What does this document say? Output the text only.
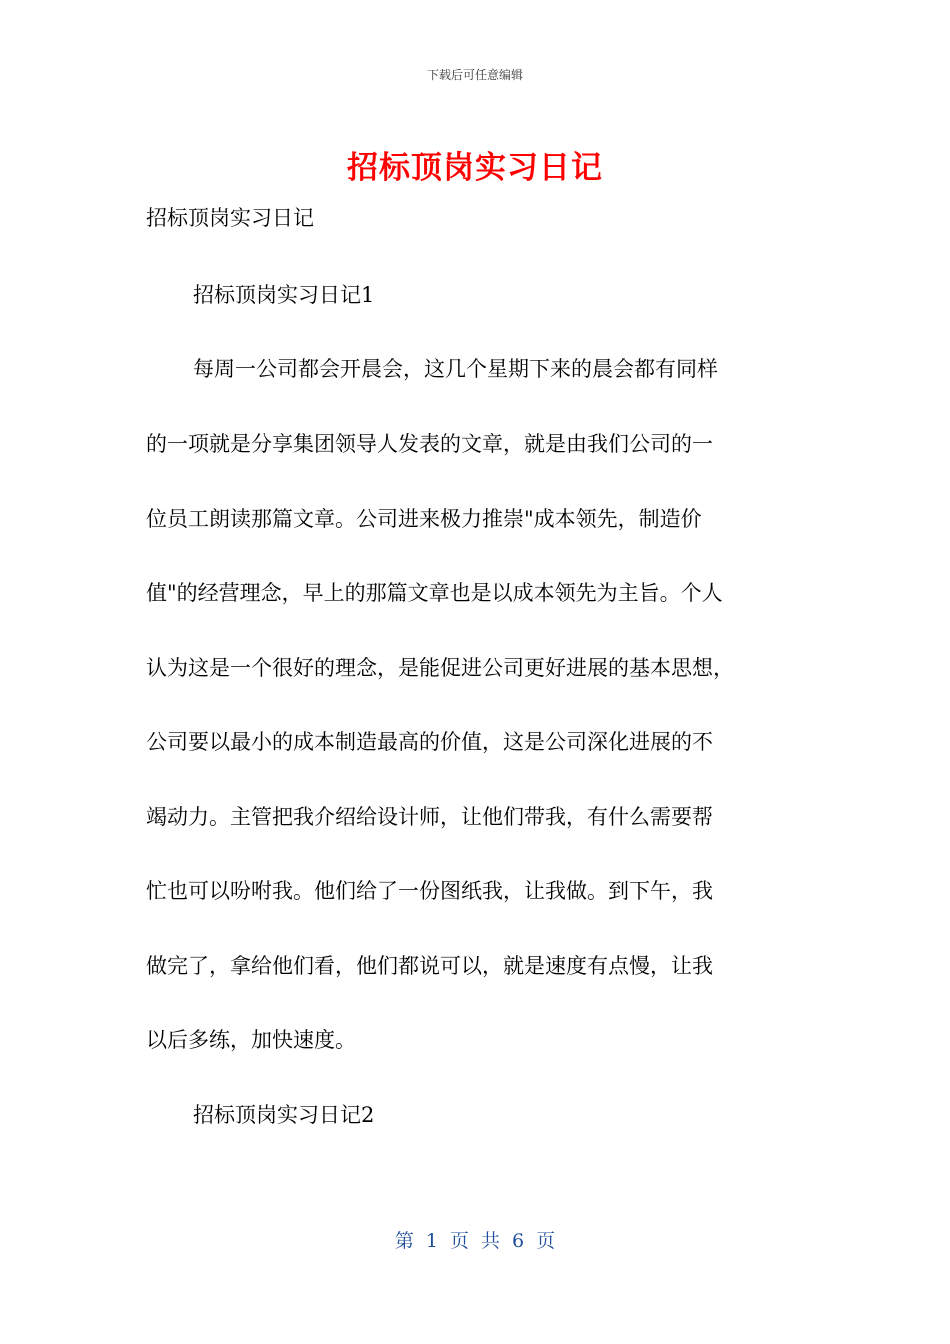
下载后可任意编辑
招标顶岗实习日记
招标顶岗实习日记
招标顶岗实习日记1
每周一公司都会开晨会，这几个星期下来的晨会都有同样
的一项就是分享集团领导人发表的文章，就是由我们公司的一
位员工朗读那篇文章。公司进来极力推崇"成本领先，制造价
值"的经营理念，早上的那篇文章也是以成本领先为主旨。个人
认为这是一个很好的理念，是能促进公司更好进展的基本思想，
公司要以最小的成本制造最高的价值，这是公司深化进展的不
竭动力。主管把我介绍给设计师，让他们带我，有什么需要帮
忙也可以吩咐我。他们给了一份图纸我，让我做。到下午，我
做完了，拿给他们看，他们都说可以，就是速度有点慢，让我
以后多练，加快速度。
招标顶岗实习日记2
第 1 页 共 6 页
